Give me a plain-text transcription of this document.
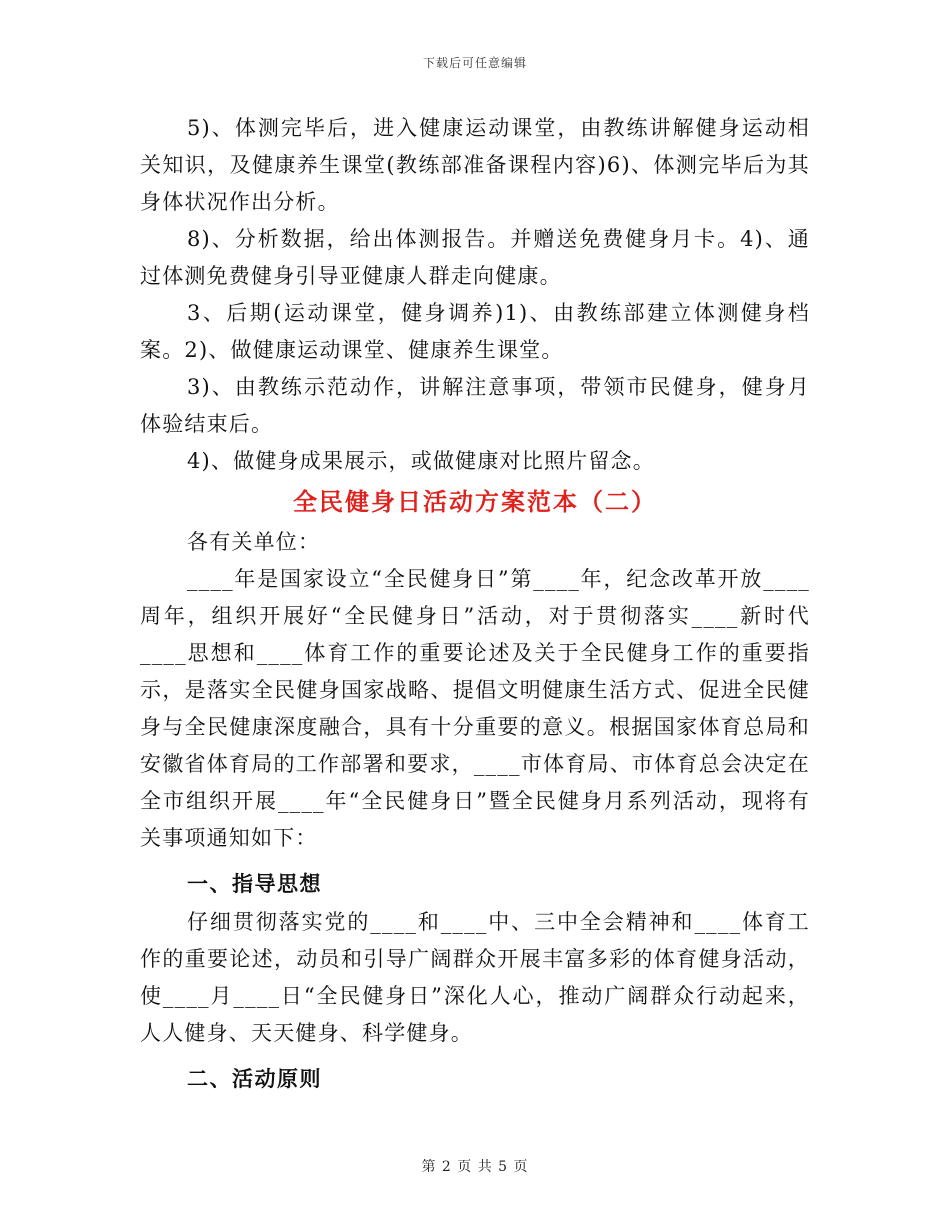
下载后可任意编辑

5)、体测完毕后，进入健康运动课堂，由教练讲解健身运动相关知识，及健康养生课堂(教练部准备课程内容)6)、体测完毕后为其身体状况作出分析。

8)、分析数据，给出体测报告。并赠送免费健身月卡。4)、通过体测免费健身引导亚健康人群走向健康。

3、后期(运动课堂，健身调养)1)、由教练部建立体测健身档案。2)、做健康运动课堂、健康养生课堂。

3)、由教练示范动作，讲解注意事项，带领市民健身，健身月体验结束后。

4)、做健身成果展示，或做健康对比照片留念。

全民健身日活动方案范本（二）

各有关单位：

____年是国家设立“全民健身日”第____年，纪念改革开放____周年，组织开展好“全民健身日”活动，对于贯彻落实____新时代____思想和____体育工作的重要论述及关于全民健身工作的重要指示，是落实全民健身国家战略、提倡文明健康生活方式、促进全民健身与全民健康深度融合，具有十分重要的意义。根据国家体育总局和安徽省体育局的工作部署和要求，____市体育局、市体育总会决定在全市组织开展____年“全民健身日”暨全民健身月系列活动，现将有关事项通知如下：

一、指导思想

仔细贯彻落实党的____和____中、三中全会精神和____体育工作的重要论述，动员和引导广阔群众开展丰富多彩的体育健身活动，使____月____日“全民健身日”深化人心，推动广阔群众行动起来，人人健身、天天健身、科学健身。

二、活动原则
第 2 页 共 5 页
